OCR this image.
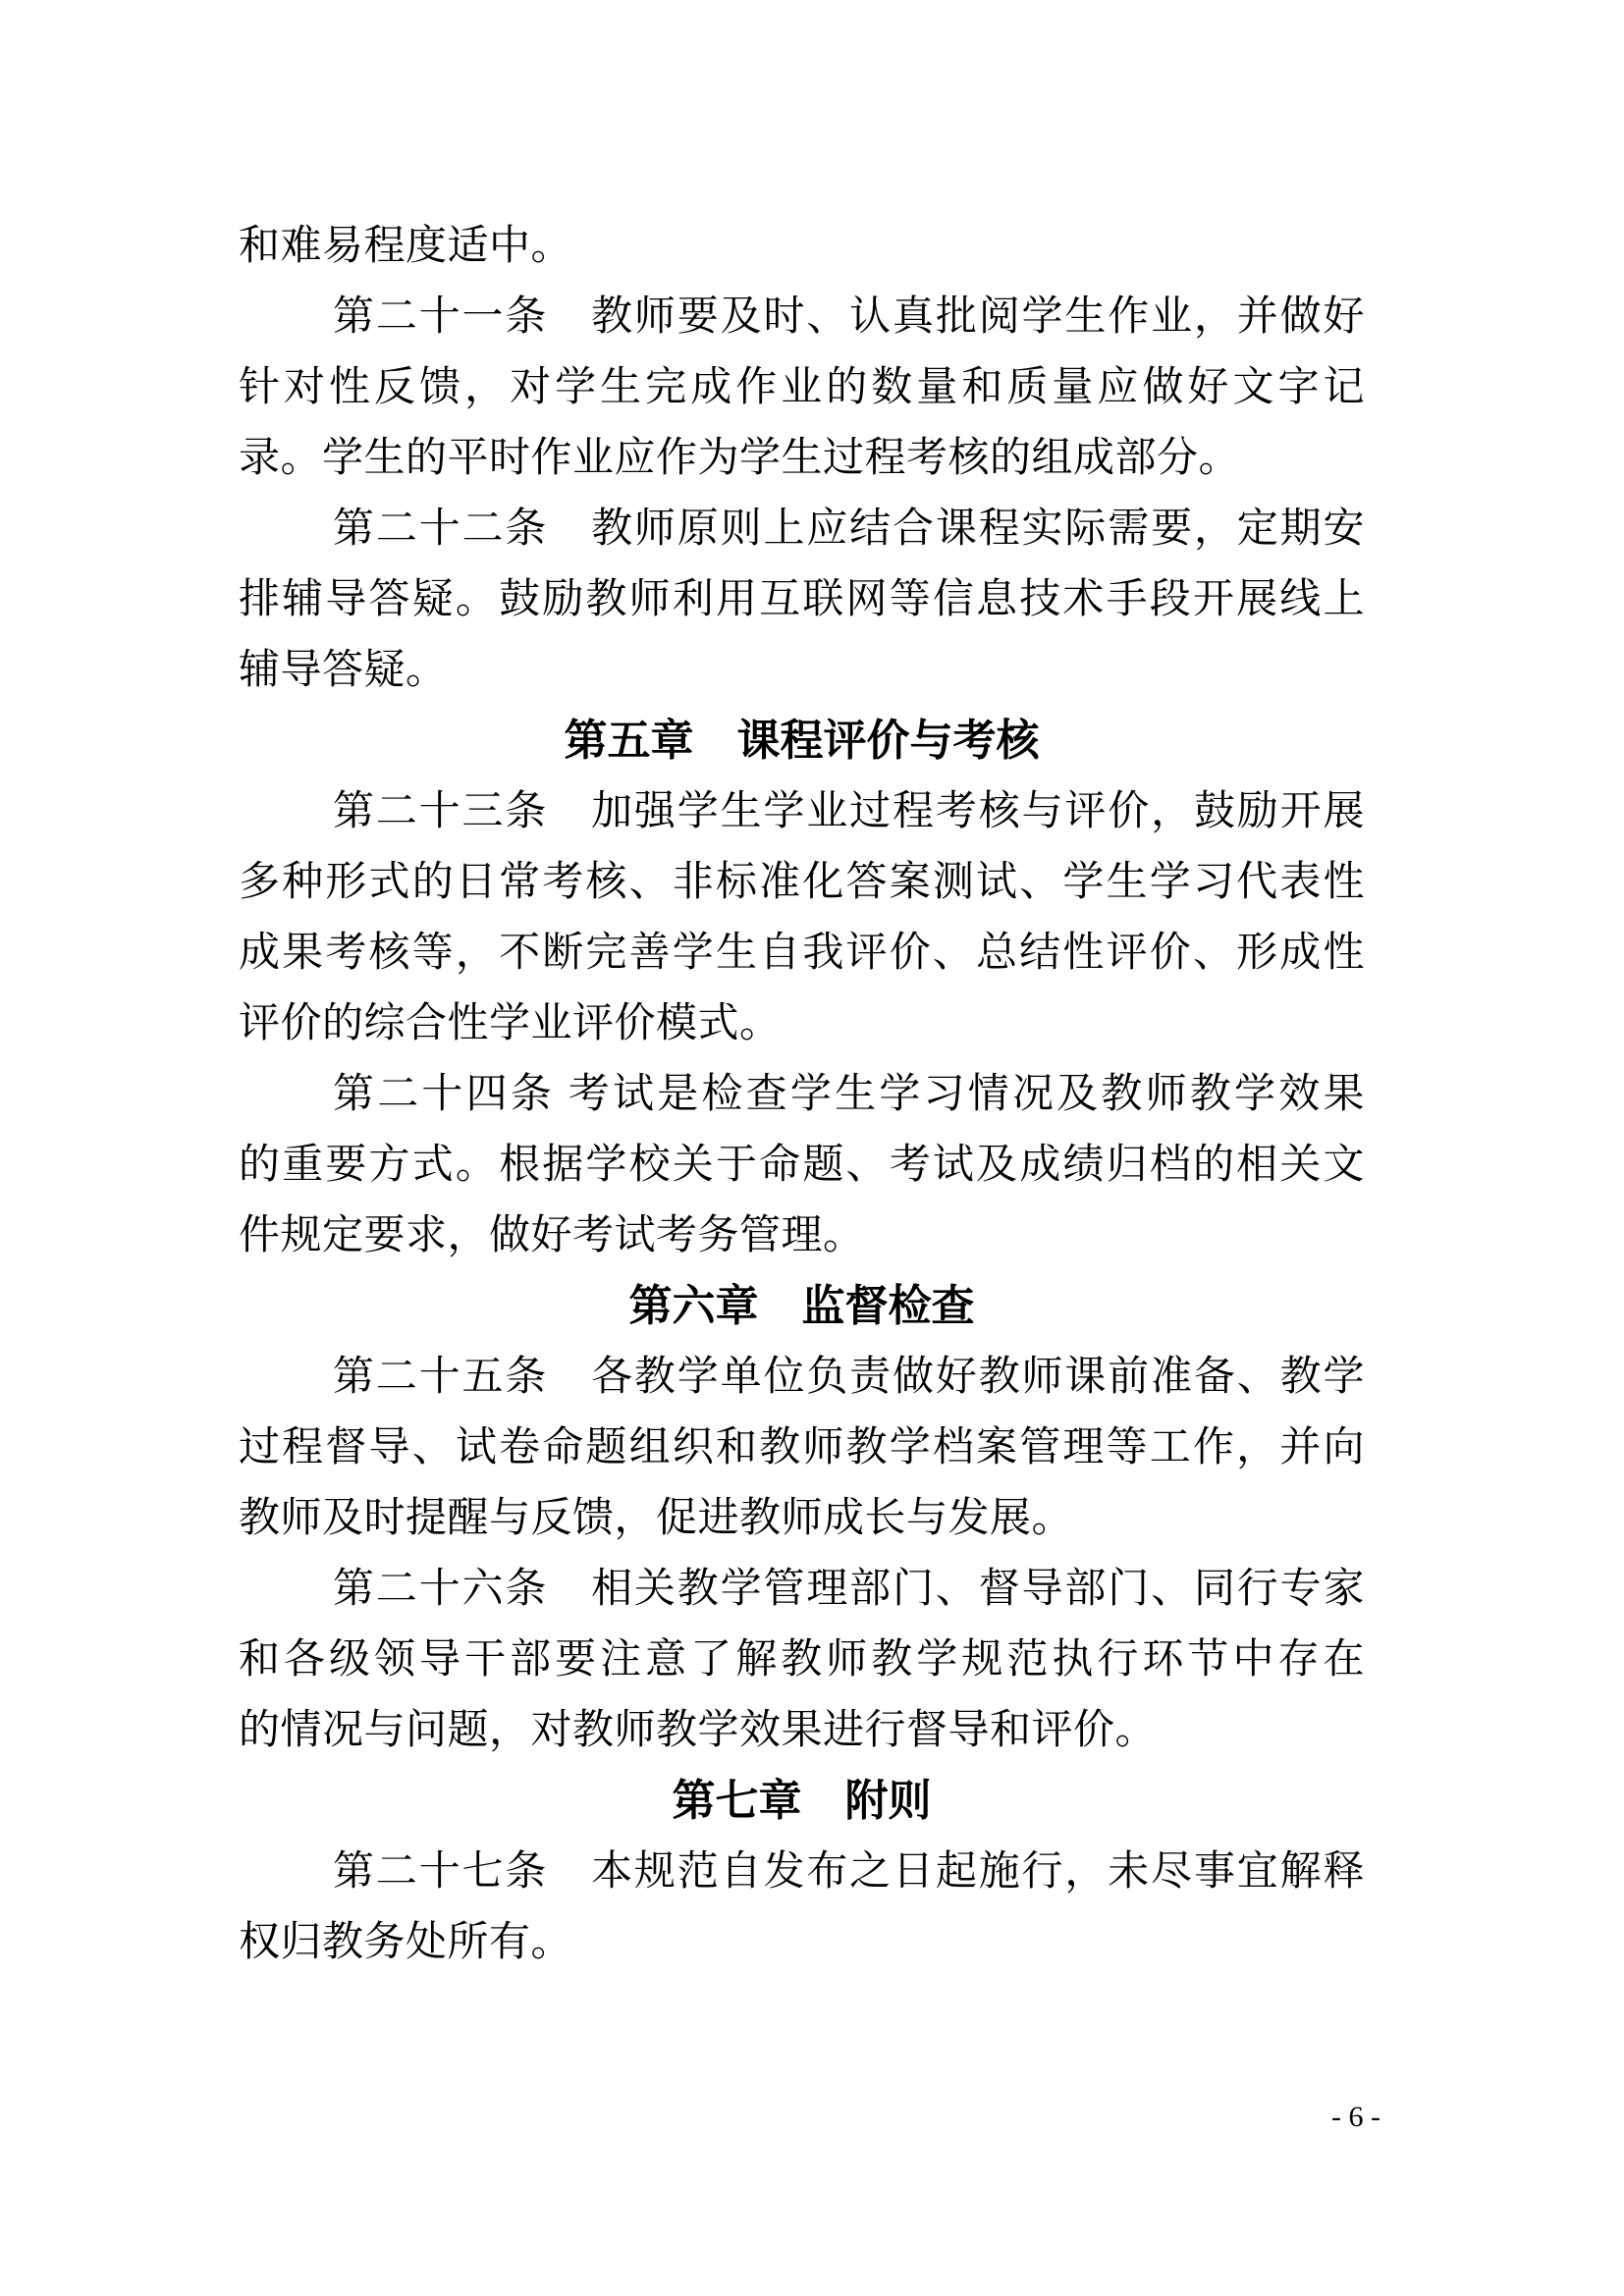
和难易程度适中。
第二十一条　教师要及时、认真批阅学生作业，并做好
针对性反馈，对学生完成作业的数量和质量应做好文字记
录。学生的平时作业应作为学生过程考核的组成部分。
第二十二条　教师原则上应结合课程实际需要，定期安
排辅导答疑。鼓励教师利用互联网等信息技术手段开展线上
辅导答疑。
第五章　课程评价与考核
第二十三条　加强学生学业过程考核与评价，鼓励开展
多种形式的日常考核、非标准化答案测试、学生学习代表性
成果考核等，不断完善学生自我评价、总结性评价、形成性
评价的综合性学业评价模式。
第二十四条 考试是检查学生学习情况及教师教学效果
的重要方式。根据学校关于命题、考试及成绩归档的相关文
件规定要求，做好考试考务管理。
第六章　监督检查
第二十五条　各教学单位负责做好教师课前准备、教学
过程督导、试卷命题组织和教师教学档案管理等工作，并向
教师及时提醒与反馈，促进教师成长与发展。
第二十六条　相关教学管理部门、督导部门、同行专家
和各级领导干部要注意了解教师教学规范执行环节中存在
的情况与问题，对教师教学效果进行督导和评价。
第七章　附则
第二十七条　本规范自发布之日起施行，未尽事宜解释
权归教务处所有。
- 6 -
